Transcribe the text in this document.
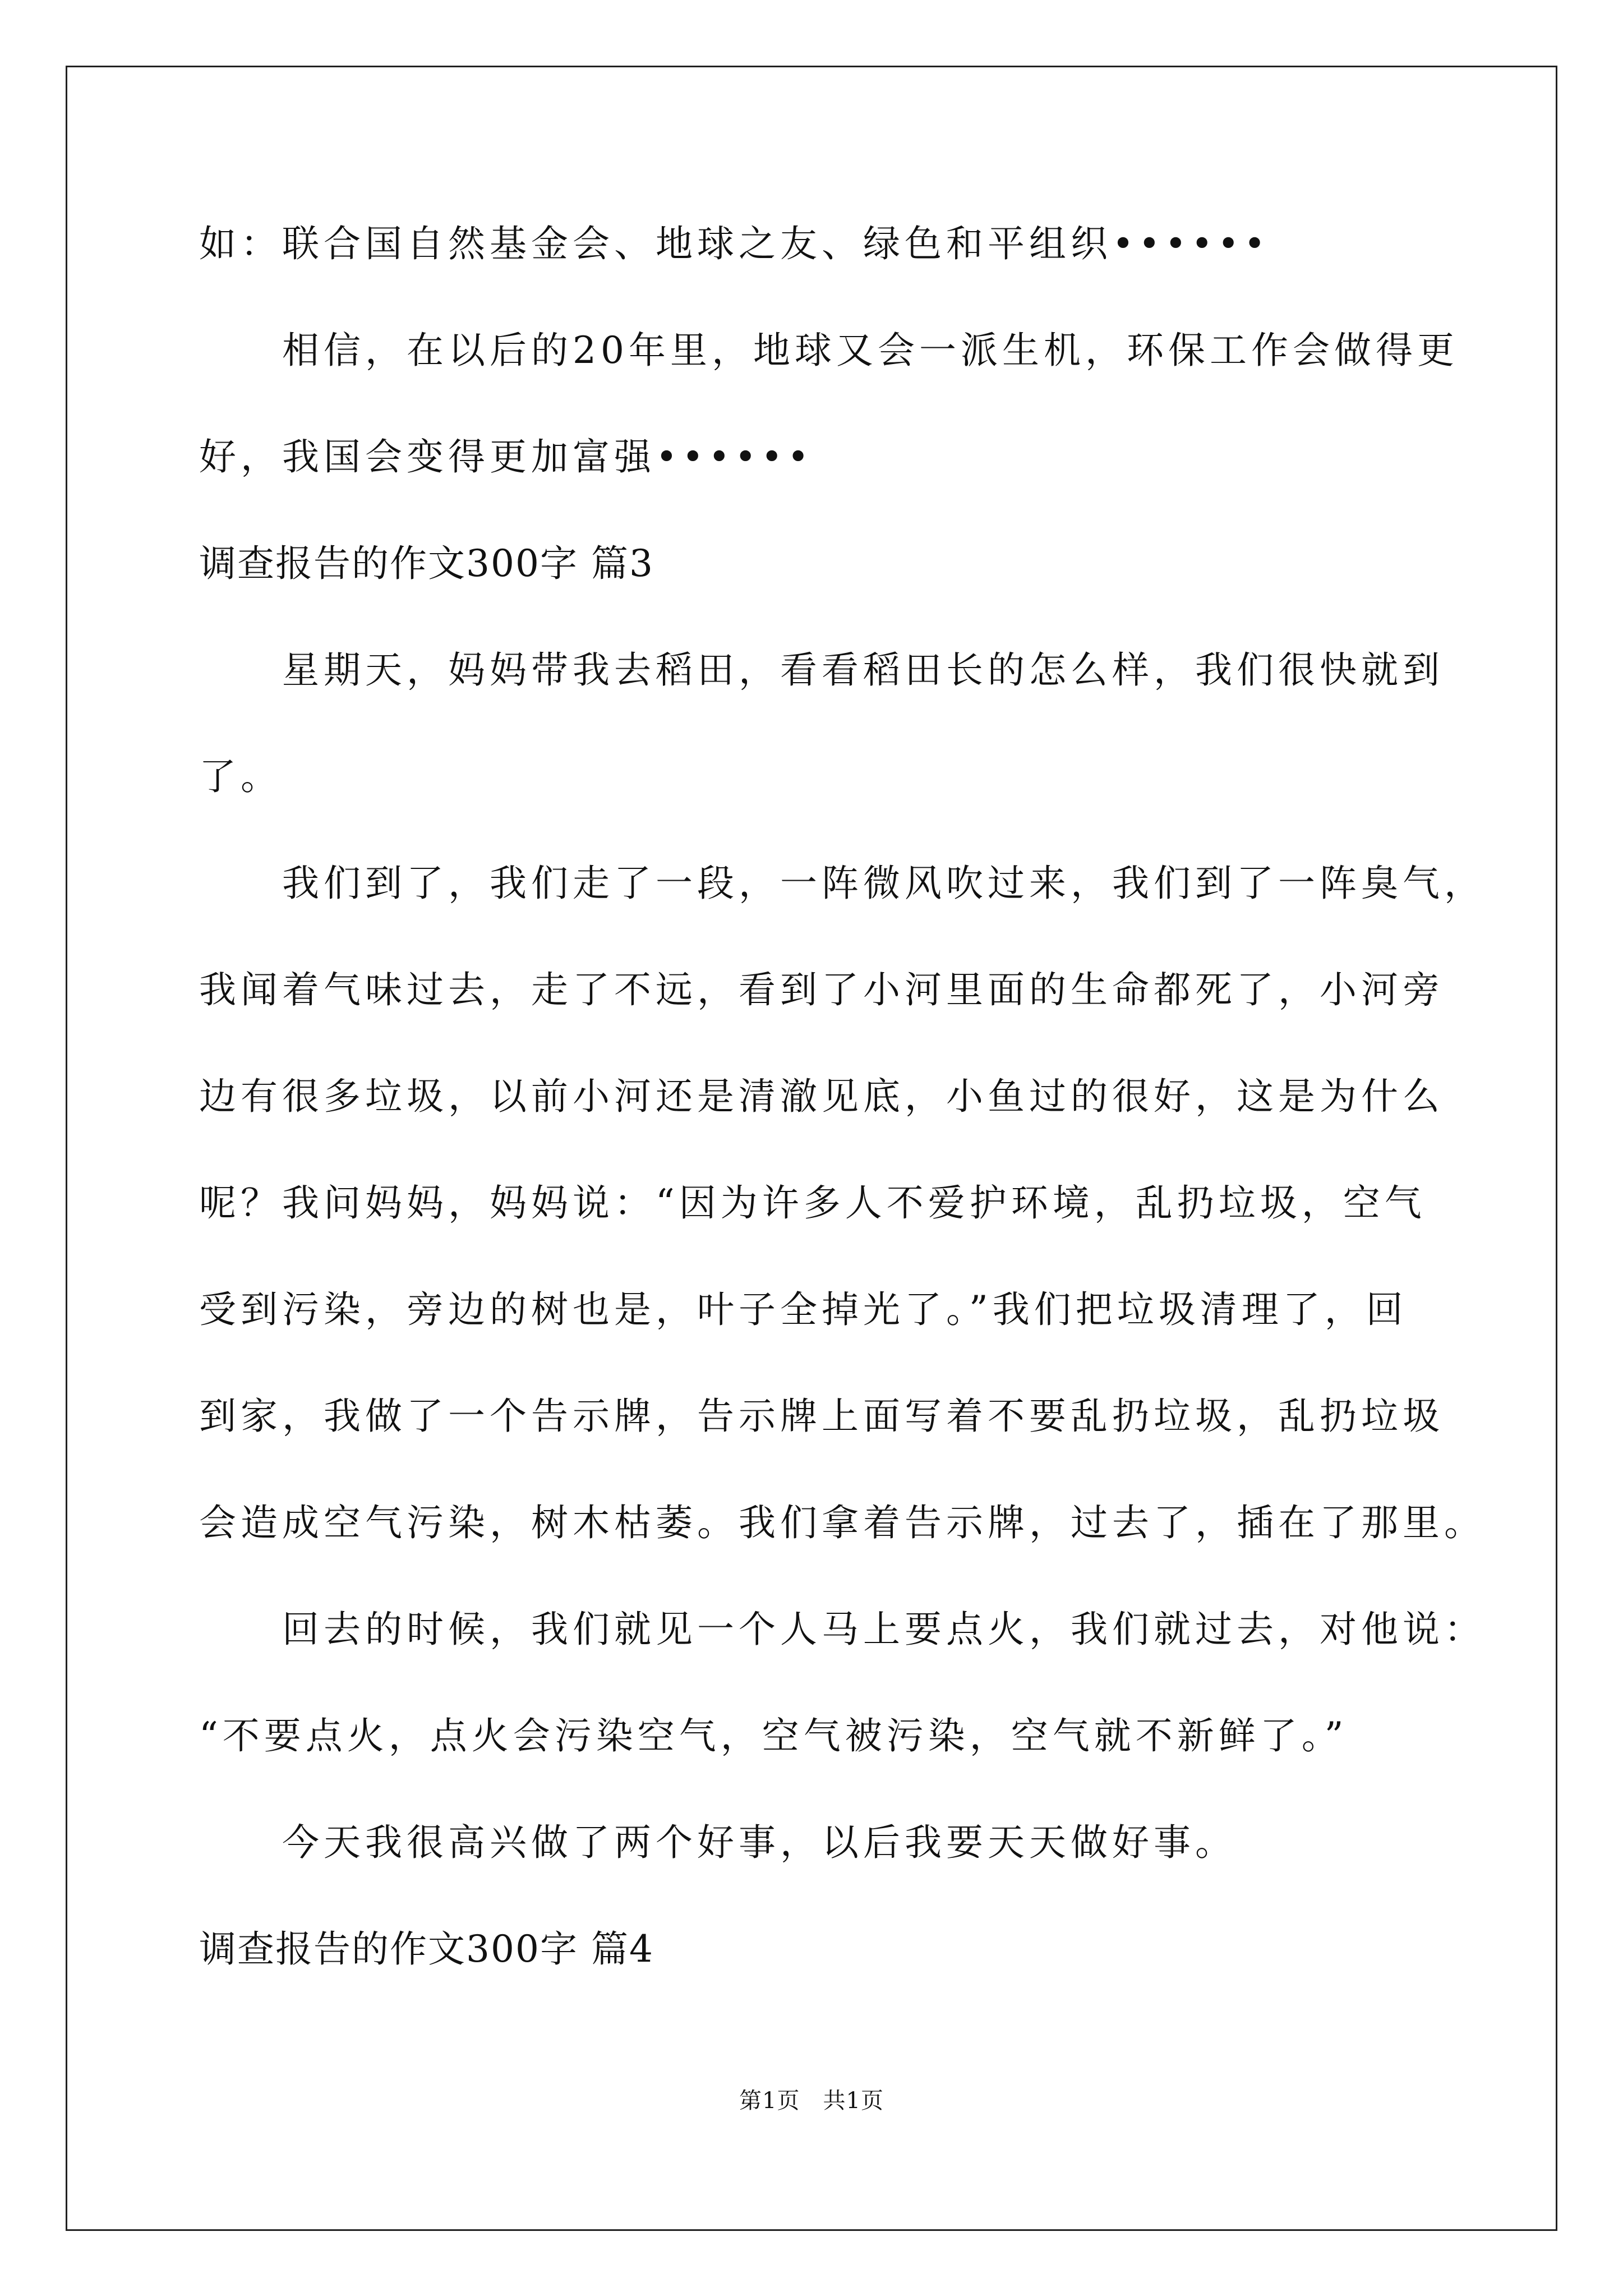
如：联合国自然基金会、地球之友、绿色和平组织••••••
相信，在以后的20年里，地球又会一派生机，环保工作会做得更
好，我国会变得更加富强••••••
调查报告的作文300字 篇3
星期天，妈妈带我去稻田，看看稻田长的怎么样，我们很快就到
了。
我们到了，我们走了一段，一阵微风吹过来，我们到了一阵臭气，
我闻着气味过去，走了不远，看到了小河里面的生命都死了，小河旁
边有很多垃圾，以前小河还是清澈见底，小鱼过的很好，这是为什么
呢？我问妈妈，妈妈说：“因为许多人不爱护环境，乱扔垃圾，空气
受到污染，旁边的树也是，叶子全掉光了。”我们把垃圾清理了，回
到家，我做了一个告示牌，告示牌上面写着不要乱扔垃圾，乱扔垃圾
会造成空气污染，树木枯萎。我们拿着告示牌，过去了，插在了那里。
回去的时候，我们就见一个人马上要点火，我们就过去，对他说：
“不要点火，点火会污染空气，空气被污染，空气就不新鲜了。”
今天我很高兴做了两个好事，以后我要天天做好事。
调查报告的作文300字 篇4
第1页　共1页
